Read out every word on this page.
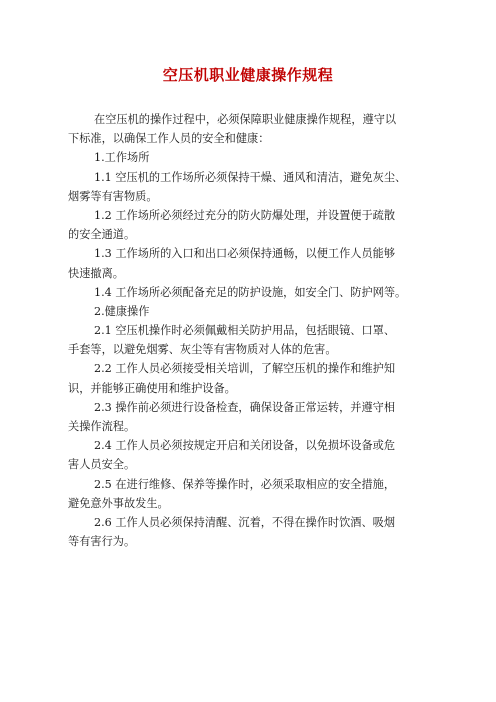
空压机职业健康操作规程
在空压机的操作过程中，必须保障职业健康操作规程，遵守以
下标准，以确保工作人员的安全和健康：
1.工作场所
1.1 空压机的工作场所必须保持干燥、通风和清洁，避免灰尘、
烟雾等有害物质。
1.2 工作场所必须经过充分的防火防爆处理，并设置便于疏散
的安全通道。
1.3 工作场所的入口和出口必须保持通畅，以便工作人员能够
快速撤离。
1.4 工作场所必须配备充足的防护设施，如安全门、防护网等。
2.健康操作
2.1 空压机操作时必须佩戴相关防护用品，包括眼镜、口罩、
手套等，以避免烟雾、灰尘等有害物质对人体的危害。
2.2 工作人员必须接受相关培训，了解空压机的操作和维护知
识，并能够正确使用和维护设备。
2.3 操作前必须进行设备检查，确保设备正常运转，并遵守相
关操作流程。
2.4 工作人员必须按规定开启和关闭设备，以免损坏设备或危
害人员安全。
2.5 在进行维修、保养等操作时，必须采取相应的安全措施，
避免意外事故发生。
2.6 工作人员必须保持清醒、沉着，不得在操作时饮酒、吸烟
等有害行为。
